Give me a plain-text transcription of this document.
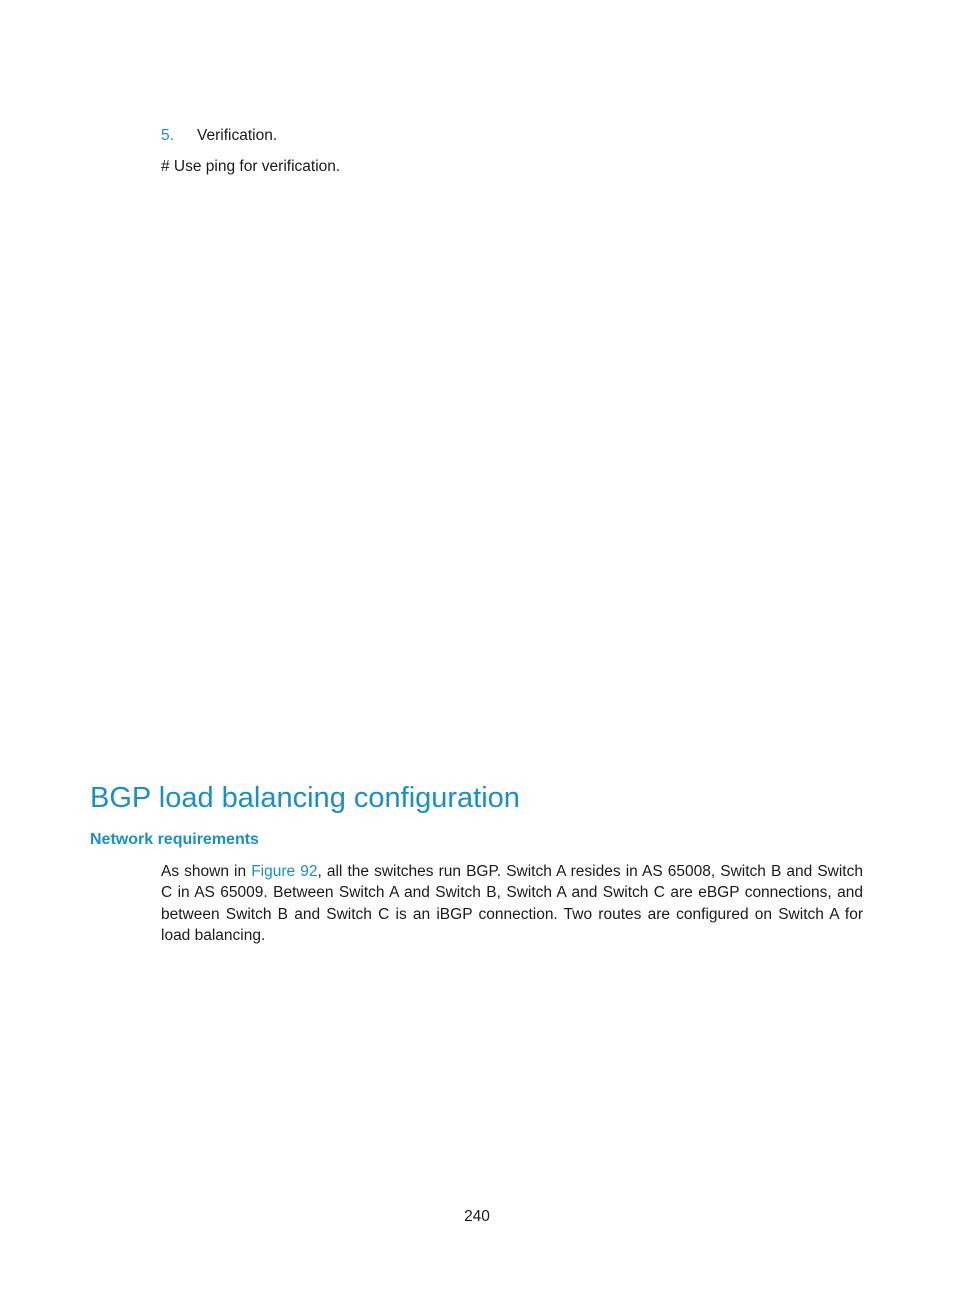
5. Verification.
# Use ping for verification.
BGP load balancing configuration
Network requirements

As shown in Figure 92, all the switches run BGP. Switch A resides in AS 65008, Switch B and Switch C in AS 65009. Between Switch A and Switch B, Switch A and Switch C are eBGP connections, and between Switch B and Switch C is an iBGP connection. Two routes are configured on Switch A for load balancing.

240
